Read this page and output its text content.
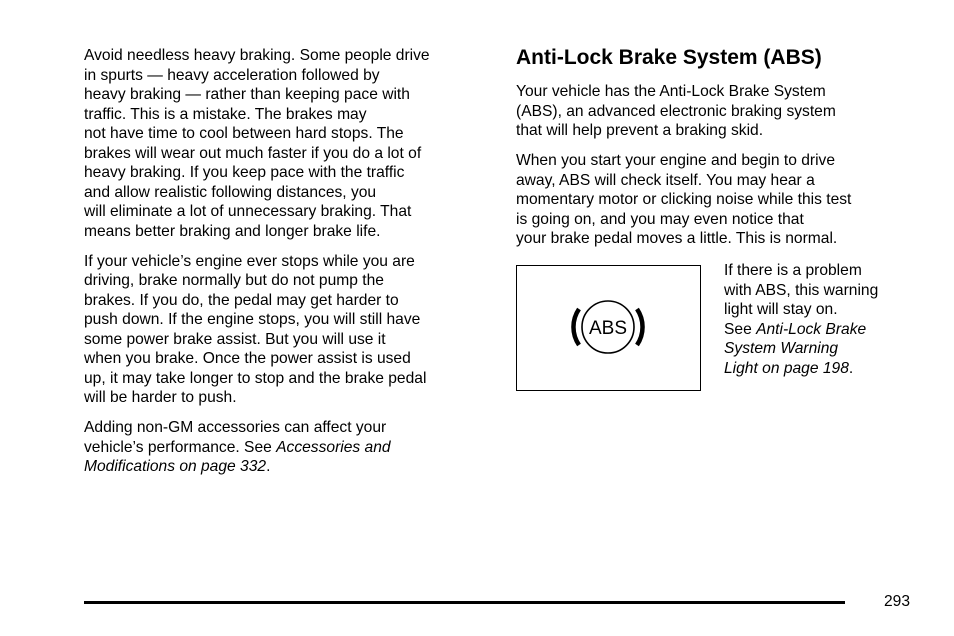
Avoid needless heavy braking. Some people drive
in spurts — heavy acceleration followed by
heavy braking — rather than keeping pace with
traffic. This is a mistake. The brakes may
not have time to cool between hard stops. The
brakes will wear out much faster if you do a lot of
heavy braking. If you keep pace with the traffic
and allow realistic following distances, you
will eliminate a lot of unnecessary braking. That
means better braking and longer brake life.

If your vehicle’s engine ever stops while you are
driving, brake normally but do not pump the
brakes. If you do, the pedal may get harder to
push down. If the engine stops, you will still have
some power brake assist. But you will use it
when you brake. Once the power assist is used
up, it may take longer to stop and the brake pedal
will be harder to push.

Adding non-GM accessories can affect your
vehicle’s performance. See Accessories and
Modifications on page 332.

Anti-Lock Brake System (ABS)

Your vehicle has the Anti-Lock Brake System
(ABS), an advanced electronic braking system
that will help prevent a braking skid.

When you start your engine and begin to drive
away, ABS will check itself. You may hear a
momentary motor or clicking noise while this test
is going on, and you may even notice that
your brake pedal moves a little. This is normal.

ABS
If there is a problem
with ABS, this warning
light will stay on.
See Anti-Lock Brake
System Warning
Light on page 198.
293
